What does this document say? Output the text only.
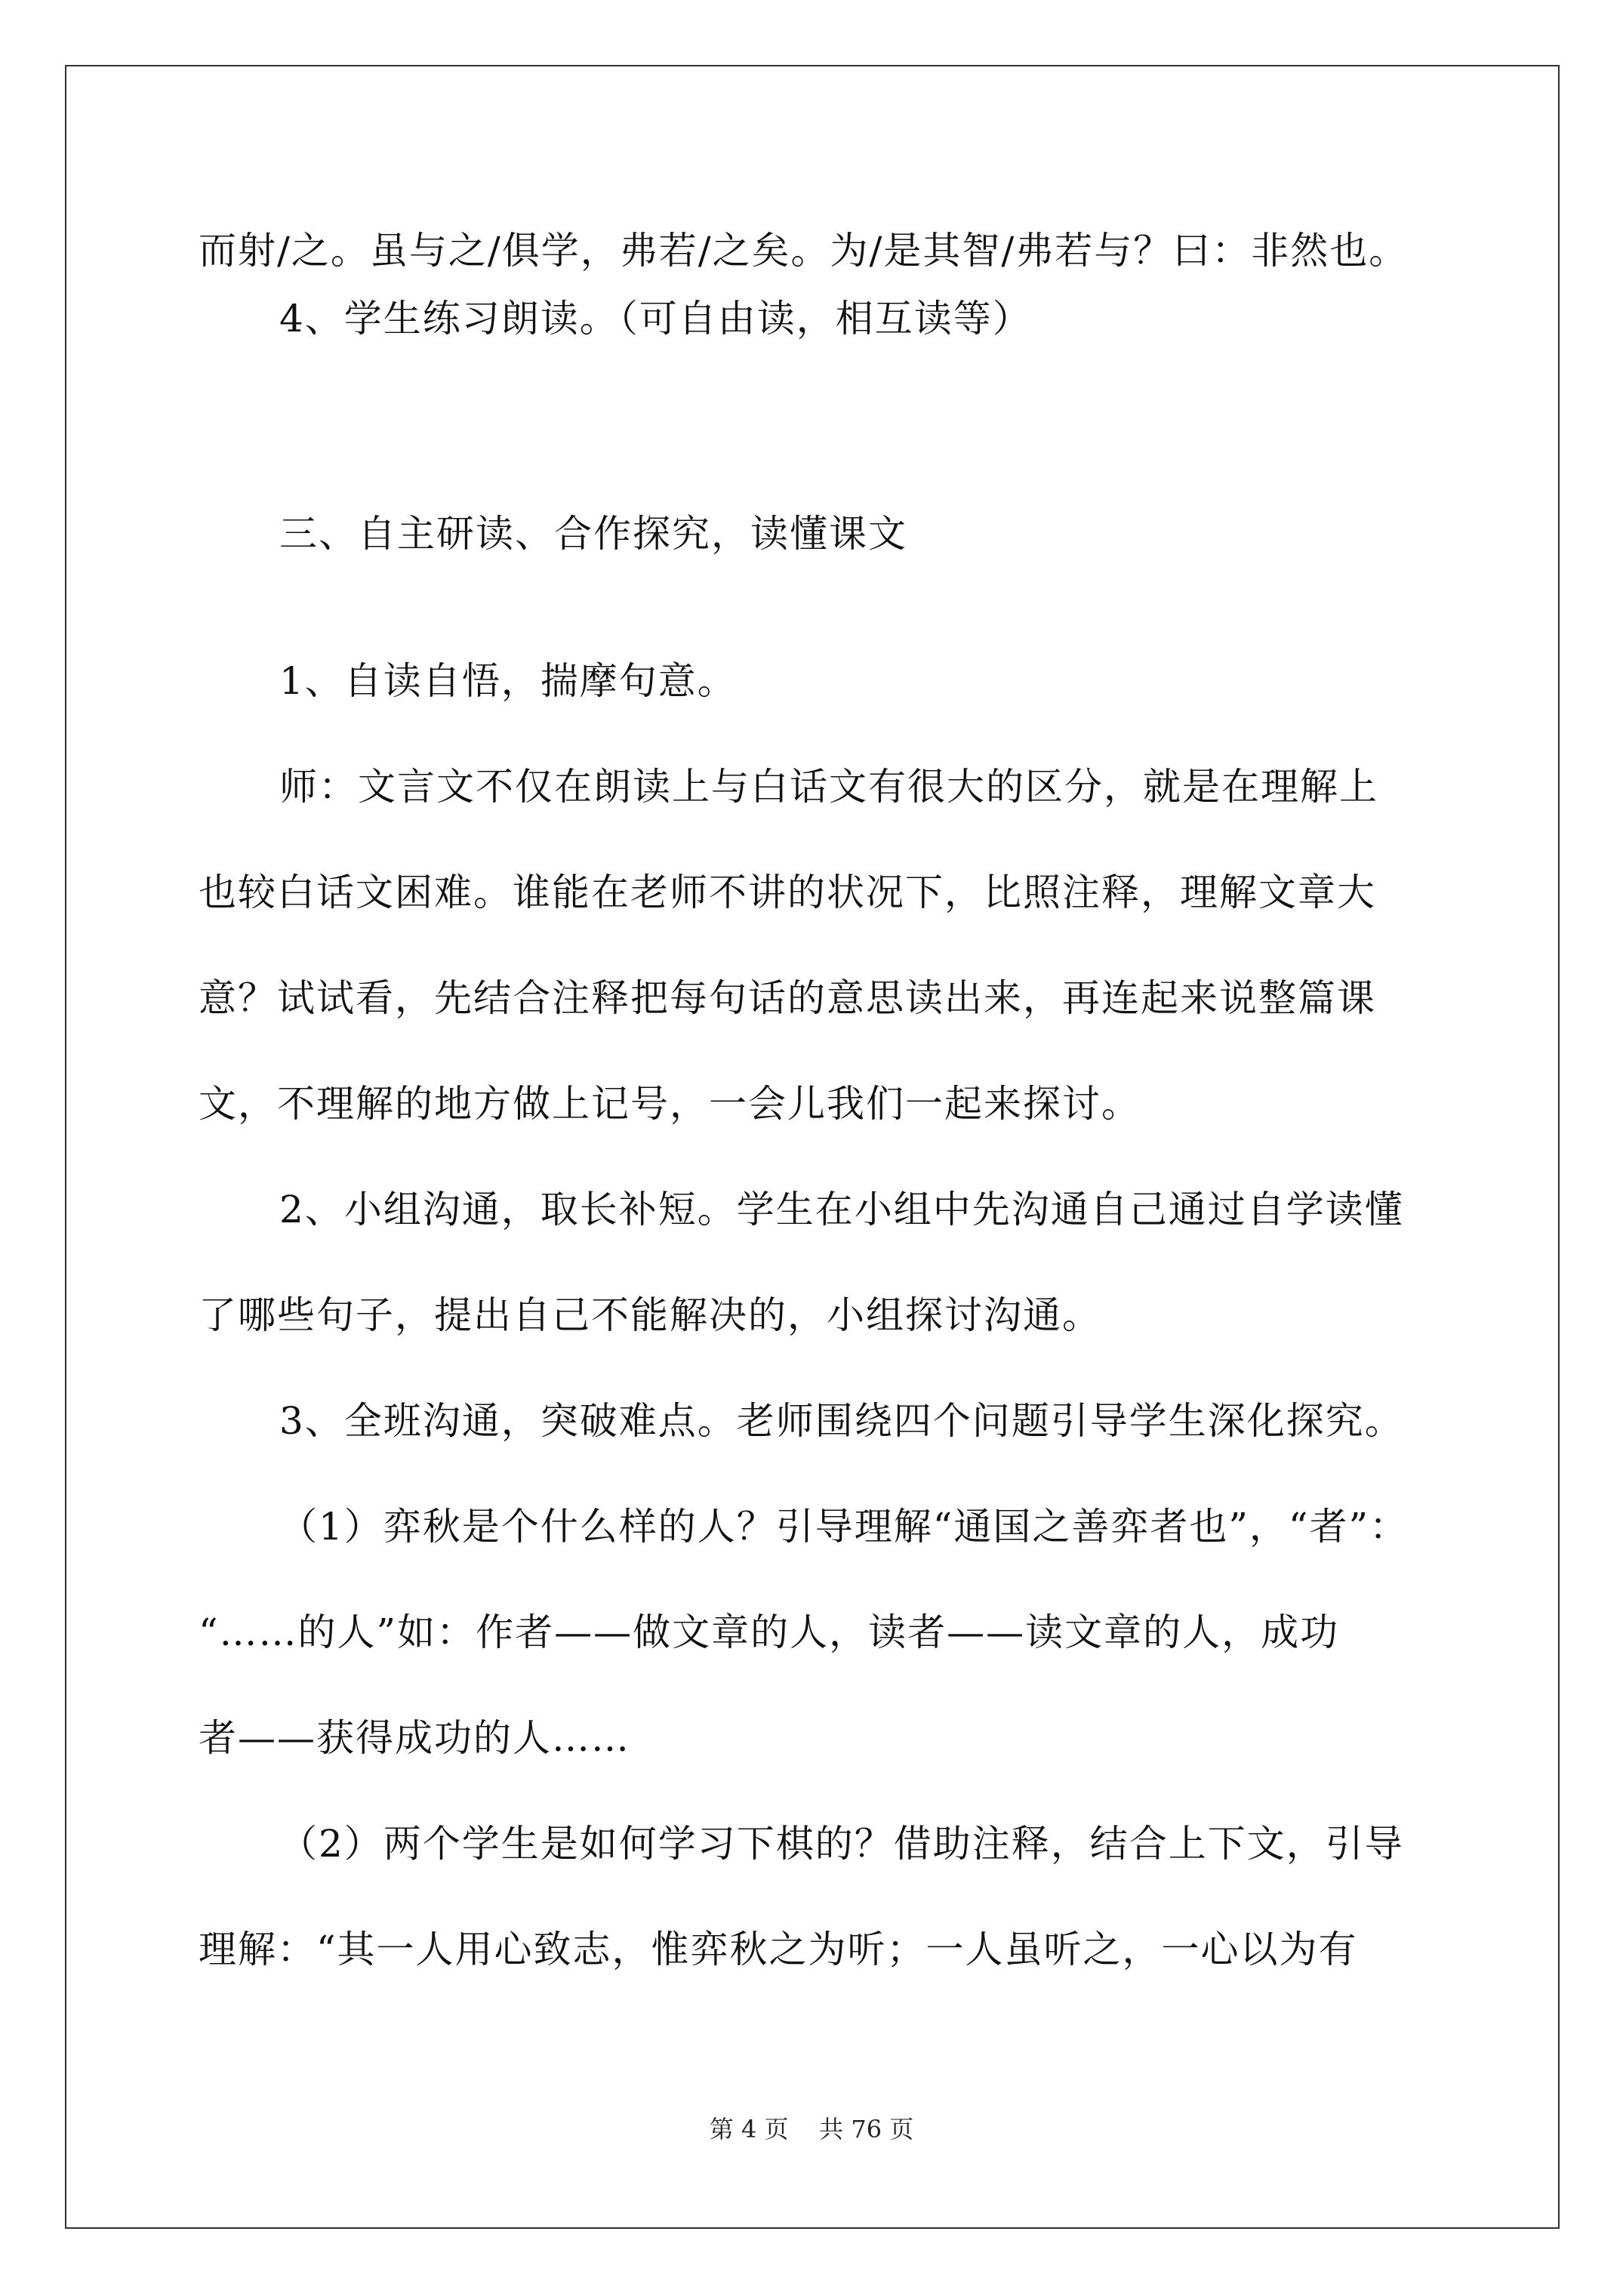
而射/之。虽与之/俱学，弗若/之矣。为/是其智/弗若与？曰：非然也。
4、学生练习朗读。（可自由读，相互读等）
三、自主研读、合作探究，读懂课文
1、自读自悟，揣摩句意。
师：文言文不仅在朗读上与白话文有很大的区分，就是在理解上
也较白话文困难。谁能在老师不讲的状况下，比照注释，理解文章大
意？试试看，先结合注释把每句话的意思读出来，再连起来说整篇课
文，不理解的地方做上记号，一会儿我们一起来探讨。
2、小组沟通，取长补短。学生在小组中先沟通自己通过自学读懂
了哪些句子，提出自己不能解决的，小组探讨沟通。
3、全班沟通，突破难点。老师围绕四个问题引导学生深化探究。
（1）弈秋是个什么样的人？引导理解“通国之善弈者也”，“者”：
“……的人”如：作者——做文章的人，读者——读文章的人，成功
者——获得成功的人……
（2）两个学生是如何学习下棋的？借助注释，结合上下文，引导
理解：“其一人用心致志，惟弈秋之为听；一人虽听之，一心以为有
第 4 页    共 76 页
